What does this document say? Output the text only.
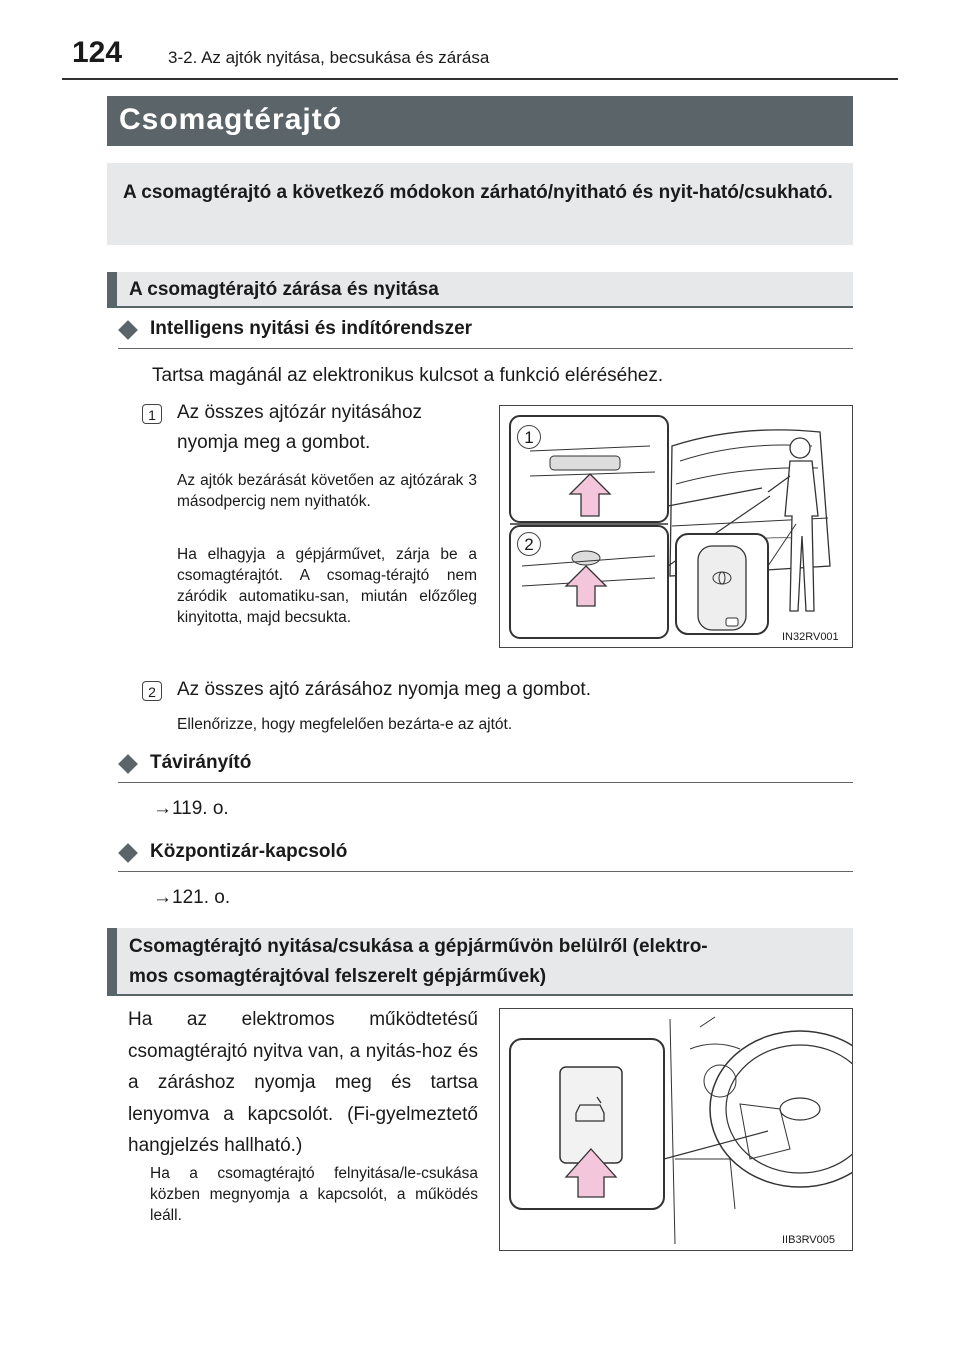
124	3-2. Az ajtók nyitása, becsukása és zárása
Csomagtérajtó

A csomagtérajtó a következő módokon zárható/nyitható és nyit-ható/csukható.

A csomagtérajtó zárása és nyitása
Intelligens nyitási és indítórendszer
Tartsa magánál az elektronikus kulcsot a funkció eléréséhez.
1	Az összes ajtózár nyitásához nyomja meg a gombot.
Az ajtók bezárását követően az ajtózárak 3 másodpercig nem nyithatók.
Ha elhagyja a gépjárművet, zárja be a csomagtérajtót. A csomag-térajtó nem záródik automatiku-san, miután előzőleg kinyitotta, majd becsukta.
1
2
IN32RV001
2	Az összes ajtó zárásához nyomja meg a gombot.
Ellenőrizze, hogy megfelelően bezárta-e az ajtót.
Távirányító
→119. o.
Központizár-kapcsoló
→121. o.
Csomagtérajtó nyitása/csukása a gépjárművön belülről (elektro-
mos csomagtérajtóval felszerelt gépjárművek)
Ha az elektromos működtetésű csomagtérajtó nyitva van, a nyitás-hoz és a záráshoz nyomja meg és tartsa lenyomva a kapcsolót. (Fi-gyelmeztető hangjelzés hallható.)
Ha a csomagtérajtó felnyitása/le-csukása közben megnyomja a kapcsolót, a működés leáll.
IIB3RV005
